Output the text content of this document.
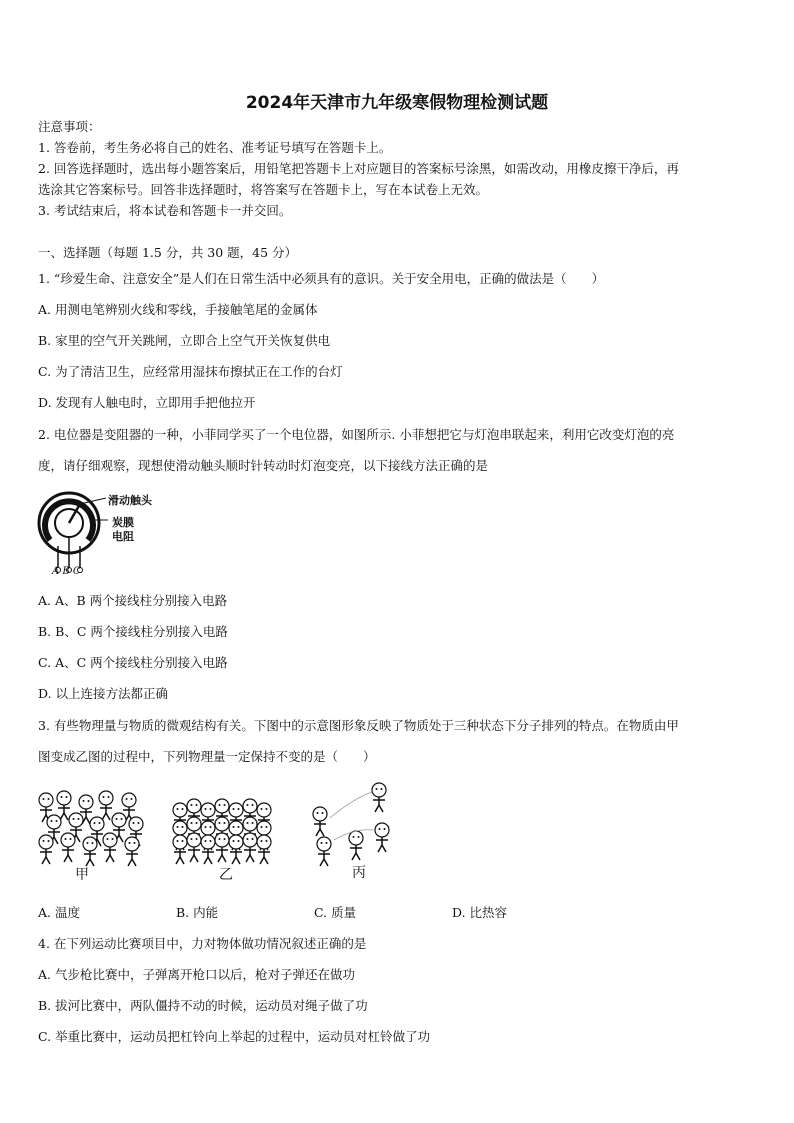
2024年天津市九年级寒假物理检测试题
注意事项：
1. 答卷前，考生务必将自己的姓名、准考证号填写在答题卡上。
2. 回答选择题时，选出每小题答案后，用铅笔把答题卡上对应题目的答案标号涂黑，如需改动，用橡皮擦干净后，再
选涂其它答案标号。回答非选择题时，将答案写在答题卡上，写在本试卷上无效。
3. 考试结束后，将本试卷和答题卡一并交回。
一、选择题（每题 1.5 分，共 30 题，45 分）
1. “珍爱生命、注意安全”是人们在日常生活中必须具有的意识。关于安全用电，正确的做法是（　　）
A. 用测电笔辨别火线和零线，手接触笔尾的金属体
B. 家里的空气开关跳闸，立即合上空气开关恢复供电
C. 为了清洁卫生，应经常用湿抹布擦拭正在工作的台灯
D. 发现有人触电时，立即用手把他拉开
2. 电位器是变阻器的一种，小菲同学买了一个电位器，如图所示. 小菲想把它与灯泡串联起来，利用它改变灯泡的亮
度，请仔细观察，现想使滑动触头顺时针转动时灯泡变亮，以下接线方法正确的是
滑动触头
炭膜
电阻
A B C
A. A、B 两个接线柱分别接入电路
B. B、C 两个接线柱分别接入电路
C. A、C 两个接线柱分别接入电路
D. 以上连接方法都正确
3. 有些物理量与物质的微观结构有关。下图中的示意图形象反映了物质处于三种状态下分子排列的特点。在物质由甲
图变成乙图的过程中，下列物理量一定保持不变的是（　　）
甲	乙	丙
A. 温度	B. 内能	C. 质量	D. 比热容
4. 在下列运动比赛项目中，力对物体做功情况叙述正确的是
A. 气步枪比赛中，子弹离开枪口以后，枪对子弹还在做功
B. 拔河比赛中，两队僵持不动的时候，运动员对绳子做了功
C. 举重比赛中，运动员把杠铃向上举起的过程中，运动员对杠铃做了功
